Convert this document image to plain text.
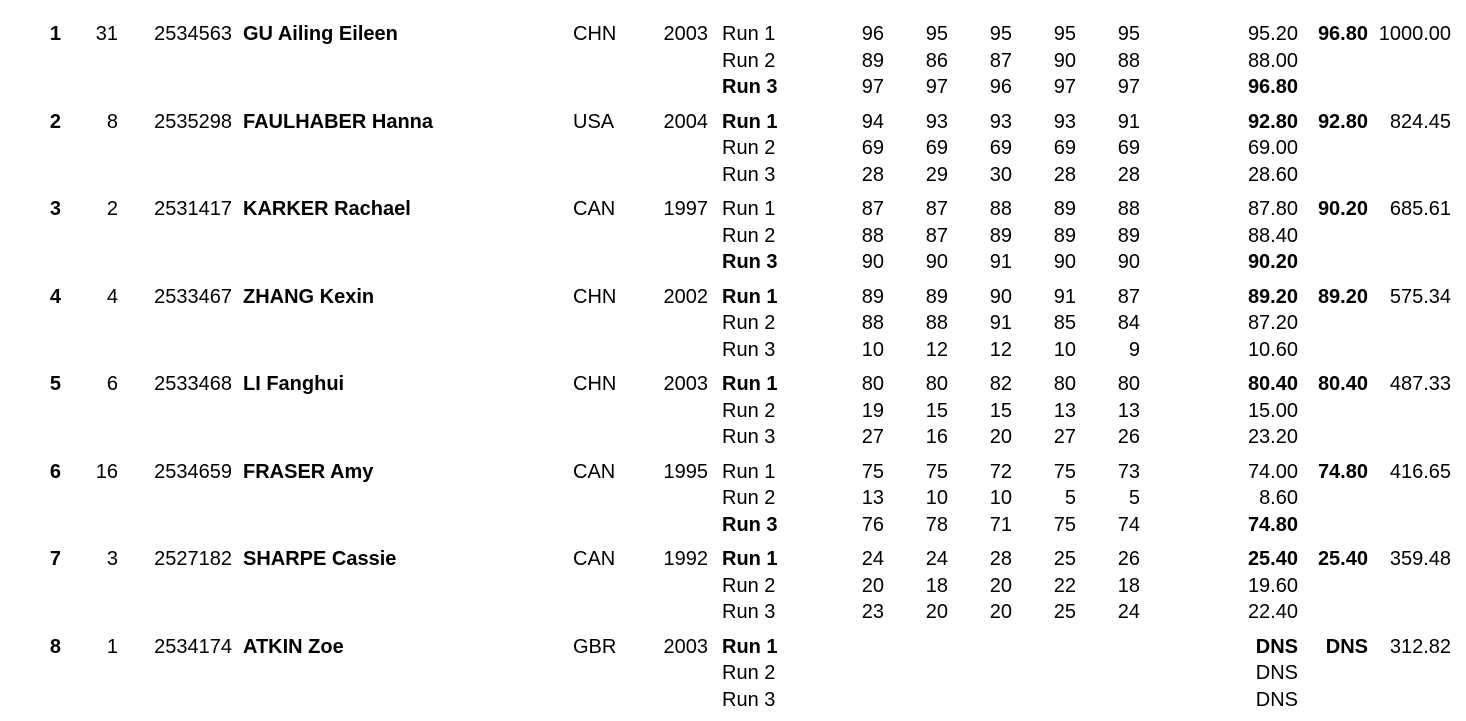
1	31	2534563 GU Ailing Eileen	CHN	2003	96.80 1000.00
Run 1	96	95	95	95	95	95.20
Run 2	89	86	87	90	88	88.00
Run 3	97	97	96	97	97	96.80
2	8	2535298 FAULHABER Hanna	USA	2004	92.80	824.45
Run 1	94	93	93	93	91	92.80
Run 2	69	69	69	69	69	69.00
Run 3	28	29	30	28	28	28.60
3	2	2531417 KARKER Rachael	CAN	1997	90.20	685.61
Run 1	87	87	88	89	88	87.80
Run 2	88	87	89	89	89	88.40
Run 3	90	90	91	90	90	90.20
4	4	2533467 ZHANG Kexin	CHN	2002	89.20	575.34
Run 1	89	89	90	91	87	89.20
Run 2	88	88	91	85	84	87.20
Run 3	10	12	12	10	9	10.60
5	6	2533468 LI Fanghui	CHN	2003	80.40	487.33
Run 1	80	80	82	80	80	80.40
Run 2	19	15	15	13	13	15.00
Run 3	27	16	20	27	26	23.20
6	16	2534659 FRASER Amy	CAN	1995	74.80	416.65
Run 1	75	75	72	75	73	74.00
Run 2	13	10	10	5	5	8.60
Run 3	76	78	71	75	74	74.80
7	3	2527182 SHARPE Cassie	CAN	1992	25.40	359.48
Run 1	24	24	28	25	26	25.40
Run 2	20	18	20	22	18	19.60
Run 3	23	20	20	25	24	22.40
8	1	2534174 ATKIN Zoe	GBR	2003	DNS	312.82
Run 1	DNS
Run 2	DNS
Run 3	DNS
